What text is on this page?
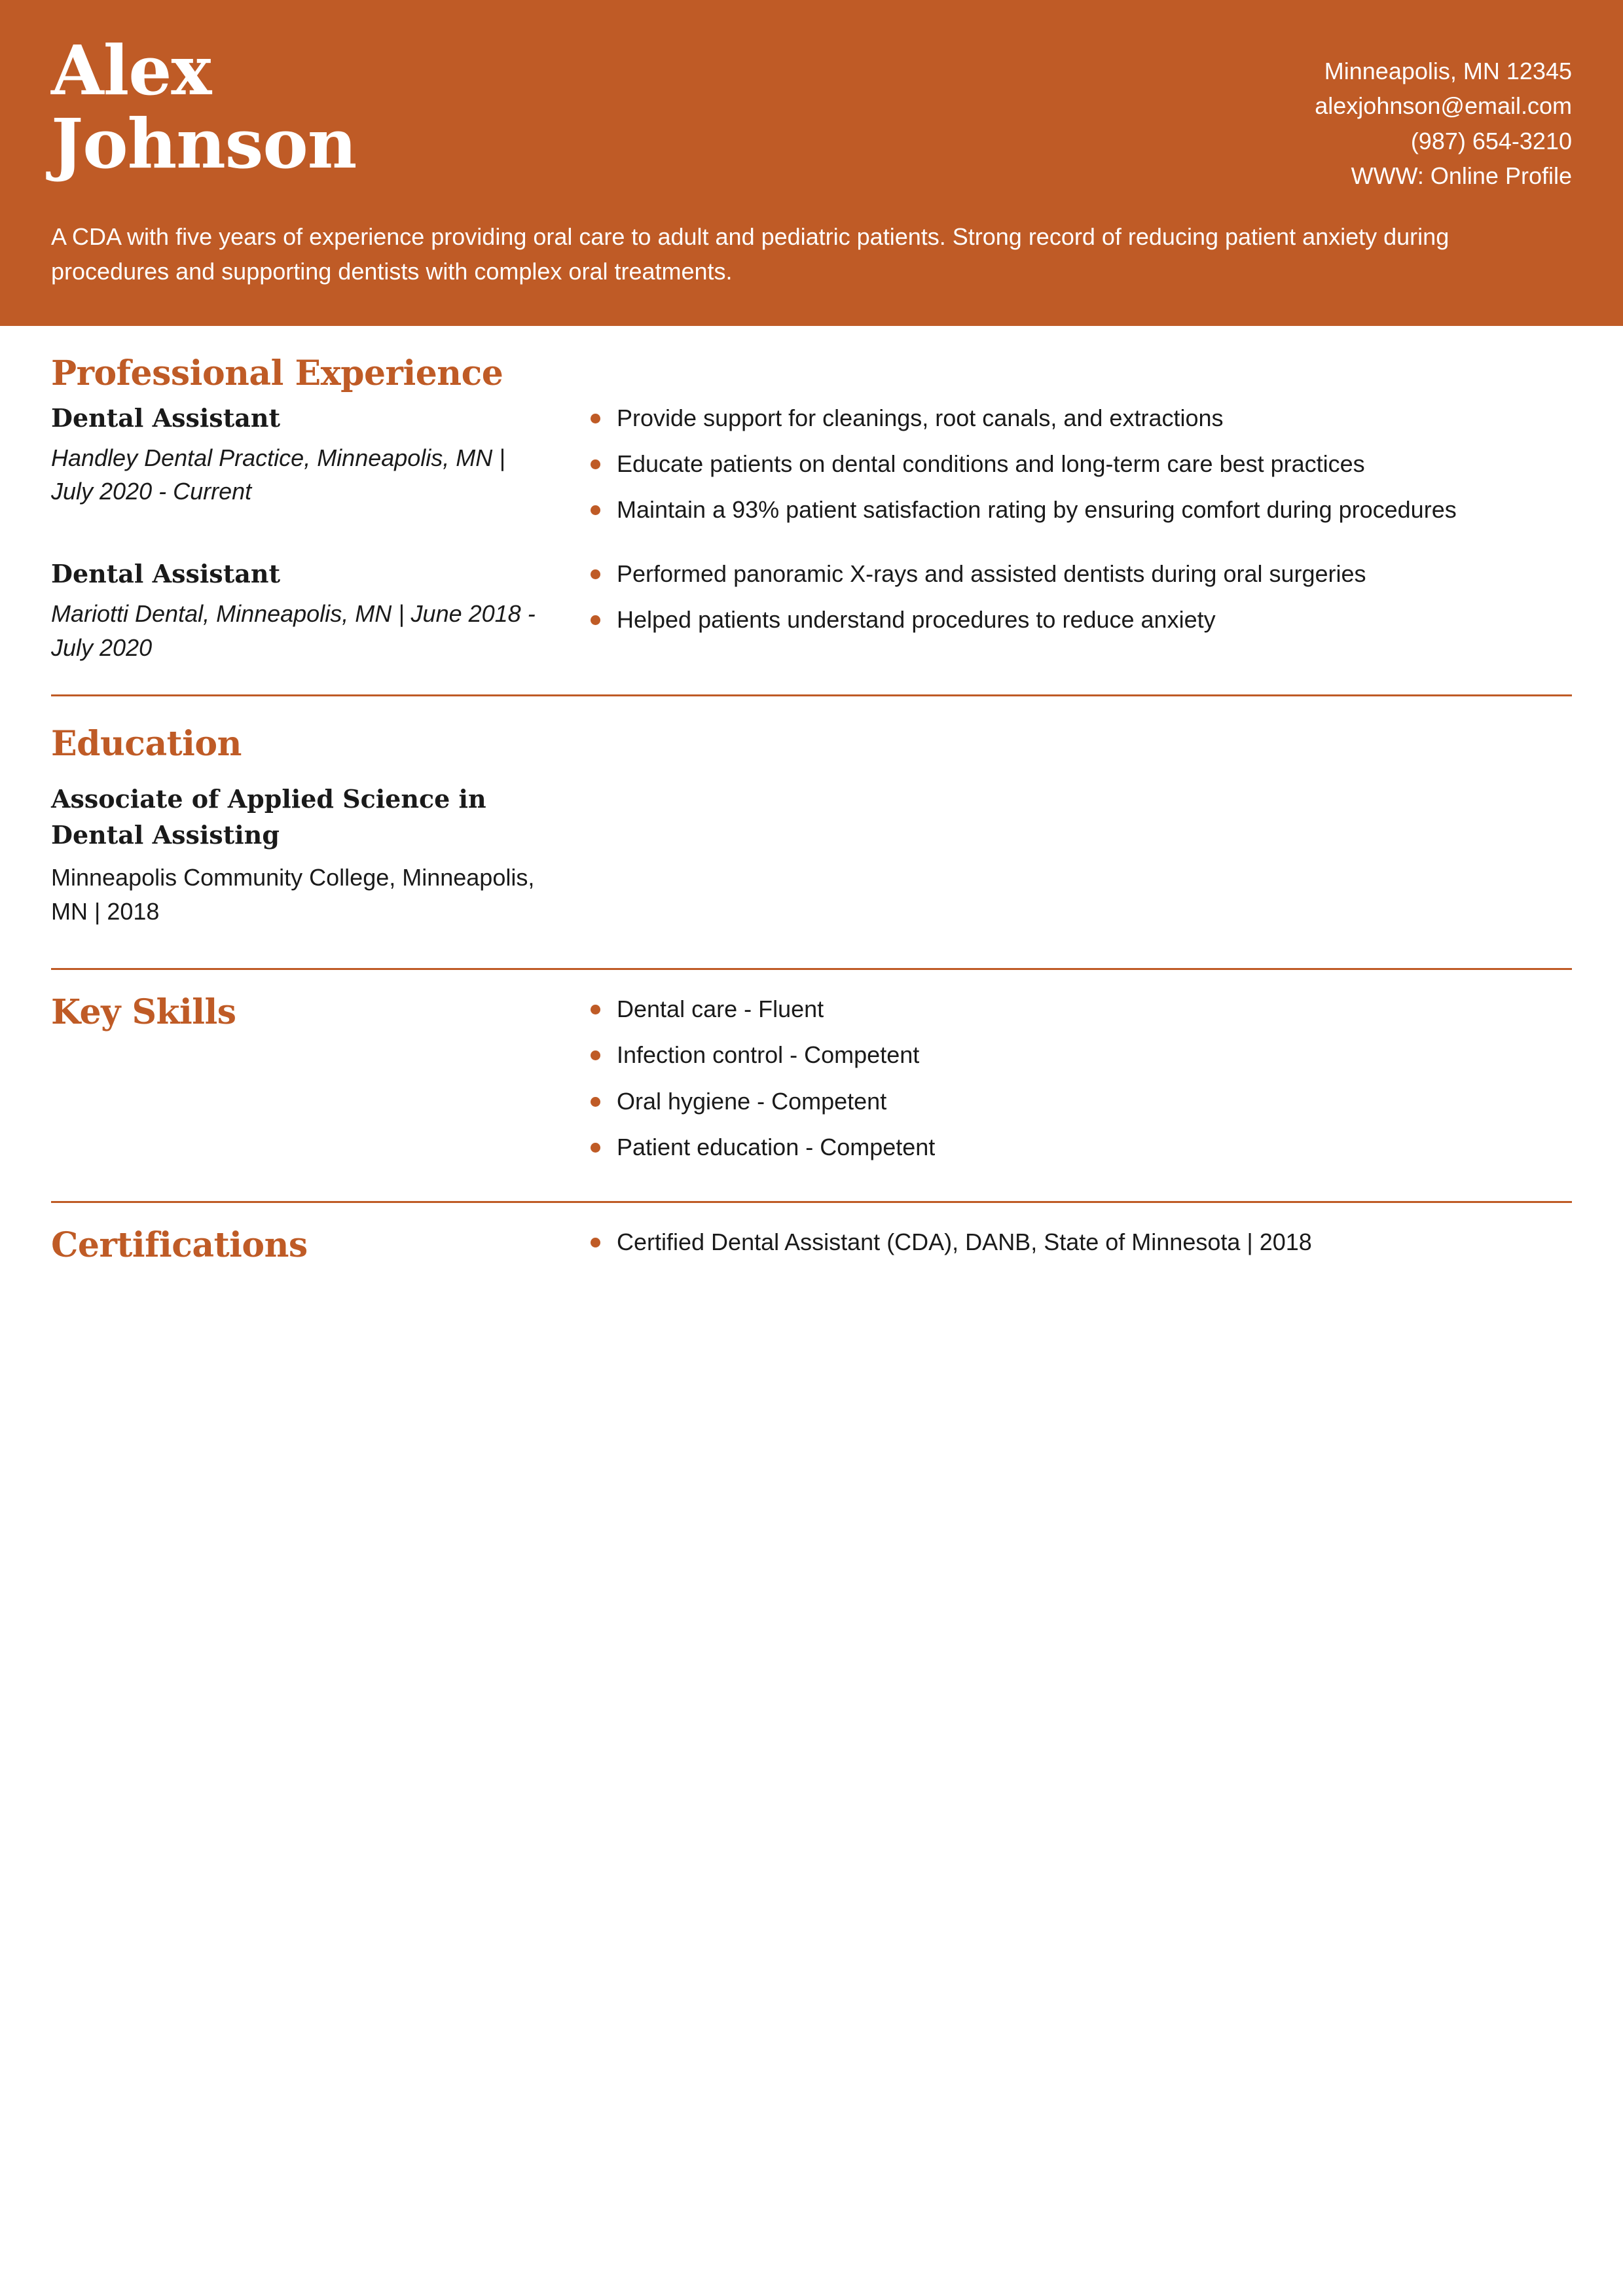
Alex
Johnson
Minneapolis, MN 12345
alexjohnson@email.com
(987) 654-3210
WWW: Online Profile
A CDA with five years of experience providing oral care to adult and pediatric patients. Strong record of reducing patient anxiety during procedures and supporting dentists with complex oral treatments.
Professional Experience
Dental Assistant
Handley Dental Practice, Minneapolis, MN | July 2020 - Current
Provide support for cleanings, root canals, and extractions
Educate patients on dental conditions and long-term care best practices
Maintain a 93% patient satisfaction rating by ensuring comfort during procedures
Dental Assistant
Mariotti Dental, Minneapolis, MN | June 2018 - July 2020
Performed panoramic X-rays and assisted dentists during oral surgeries
Helped patients understand procedures to reduce anxiety
Education
Associate of Applied Science in Dental Assisting
Minneapolis Community College, Minneapolis, MN | 2018
Key Skills	Dental care - Fluent
Infection control - Competent
Oral hygiene - Competent
Patient education - Competent
Certifications	Certified Dental Assistant (CDA), DANB, State of Minnesota | 2018
